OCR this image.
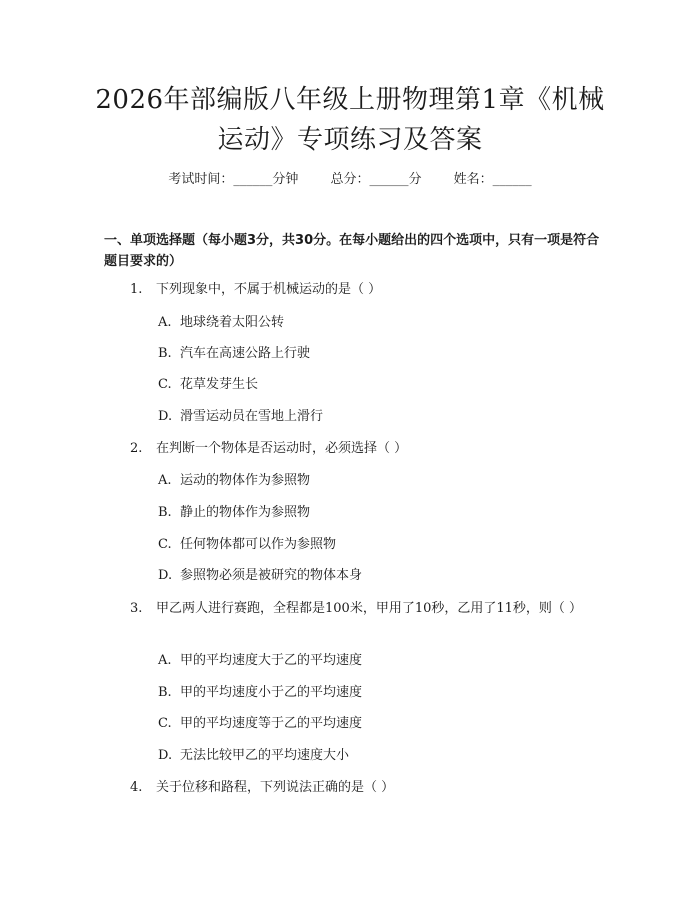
2026年部编版八年级上册物理第1章《机械
运动》专项练习及答案
考试时间：______分钟 总分：______分 姓名：______
一、单项选择题（每小题3分，共30分。在每小题给出的四个选项中，只有一项是符合题目要求的）
1. 下列现象中，不属于机械运动的是（ ）
A. 地球绕着太阳公转
B. 汽车在高速公路上行驶
C. 花草发芽生长
D. 滑雪运动员在雪地上滑行
2. 在判断一个物体是否运动时，必须选择（ ）
A. 运动的物体作为参照物
B. 静止的物体作为参照物
C. 任何物体都可以作为参照物
D. 参照物必须是被研究的物体本身
3. 甲乙两人进行赛跑，全程都是100米，甲用了10秒，乙用了11秒，则（ ）
A. 甲的平均速度大于乙的平均速度
B. 甲的平均速度小于乙的平均速度
C. 甲的平均速度等于乙的平均速度
D. 无法比较甲乙的平均速度大小
4. 关于位移和路程，下列说法正确的是（ ）
